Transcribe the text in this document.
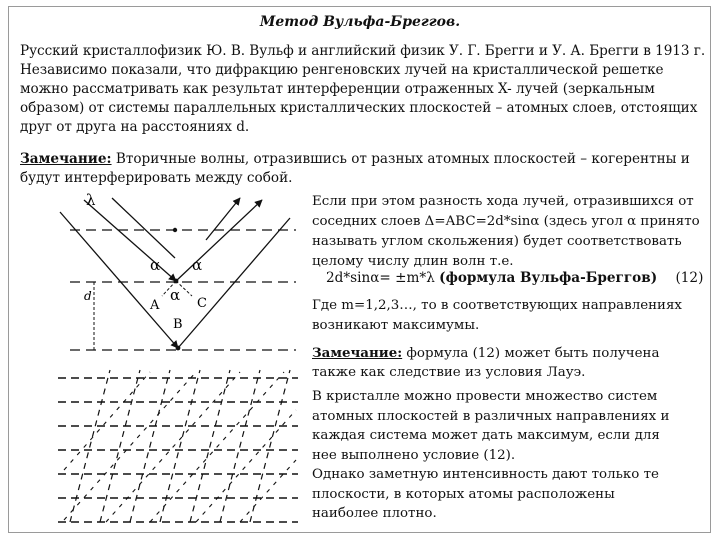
Метод Вульфа-Бреггов.
Русский кристаллофизик Ю. В. Вульф и английский физик У. Г. Брегги и У. А. Брегги в 1913 г.
Независимо показали, что дифракцию ренгеновских лучей на кристаллической решетке
можно рассматривать как результат интерференции отраженных X- лучей (зеркальным
образом) от системы параллельных кристаллических плоскостей – атомных слоев, отстоящих
друг от друга на расстояниях d.
Замечание: Вторичные волны, отразившись от разных атомных плоскостей – когерентны и
будут интерферировать между собой.
λ
α α
α
A	C
B
d
Если при этом разность хода лучей, отразившихся от
соседних слоев Δ=ABC=2d*sinα (здесь угол α принято
называть углом скольжения) будет соответствовать
целому числу длин волн т.е.
2d*sinα= ±m*λ (формула Вульфа-Бреггов) (12)
Где m=1,2,3…, то в соответствующих направлениях
возникают максимумы.
Замечание: формула (12) может быть получена
также как следствие из условия Лауэ.
В кристалле можно провести множество систем
атомных плоскостей в различных направлениях и
каждая система может дать максимум, если для
нее выполнено условие (12).
Однако заметную интенсивность дают только те
плоскости, в которых атомы расположены
наиболее плотно.
